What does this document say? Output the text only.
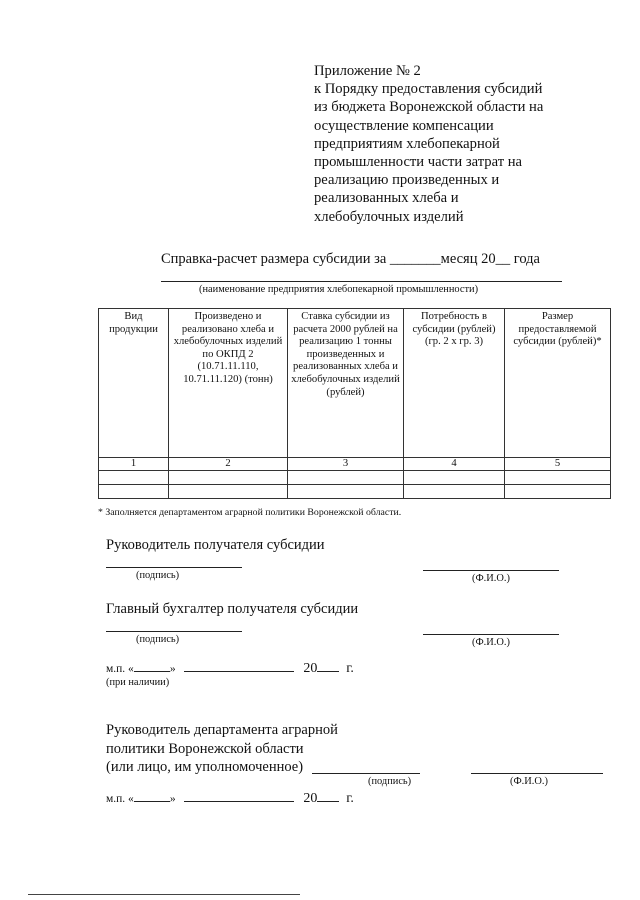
Приложение № 2
к Порядку предоставления субсидий
из бюджета Воронежской области на
осуществление компенсации
предприятиям хлебопекарной
промышленности части затрат на
реализацию произведенных и
реализованных хлеба и
хлебобулочных изделий
Справка-расчет размера субсидии за _______месяц 20__ года
(наименование предприятия хлебопекарной промышленности)
Вид продукции	Произведено и реализовано хлеба и хлебобулочных изделий по ОКПД 2 (10.71.11.110, 10.71.11.120) (тонн)	Ставка субсидии из расчета 2000 рублей на реализацию 1 тонны произведенных и реализованных хлеба и хлебобулочных изделий (рублей)	Потребность в субсидии (рублей) (гр. 2 х гр. 3)	Размер предоставляемой субсидии (рублей)*
1	2	3	4	5

* Заполняется департаментом аграрной политики Воронежской области.
Руководитель получателя субсидии
(подпись)	(Ф.И.О.)
Главный бухгалтер получателя субсидии
(подпись)	(Ф.И.О.)
м.п. «	»	20 г.
(при наличии)
Руководитель департамента аграрной
политики Воронежской области
(или лицо, им уполномоченное)
(подпись)	(Ф.И.О.)
м.п. «	»	20 г.
